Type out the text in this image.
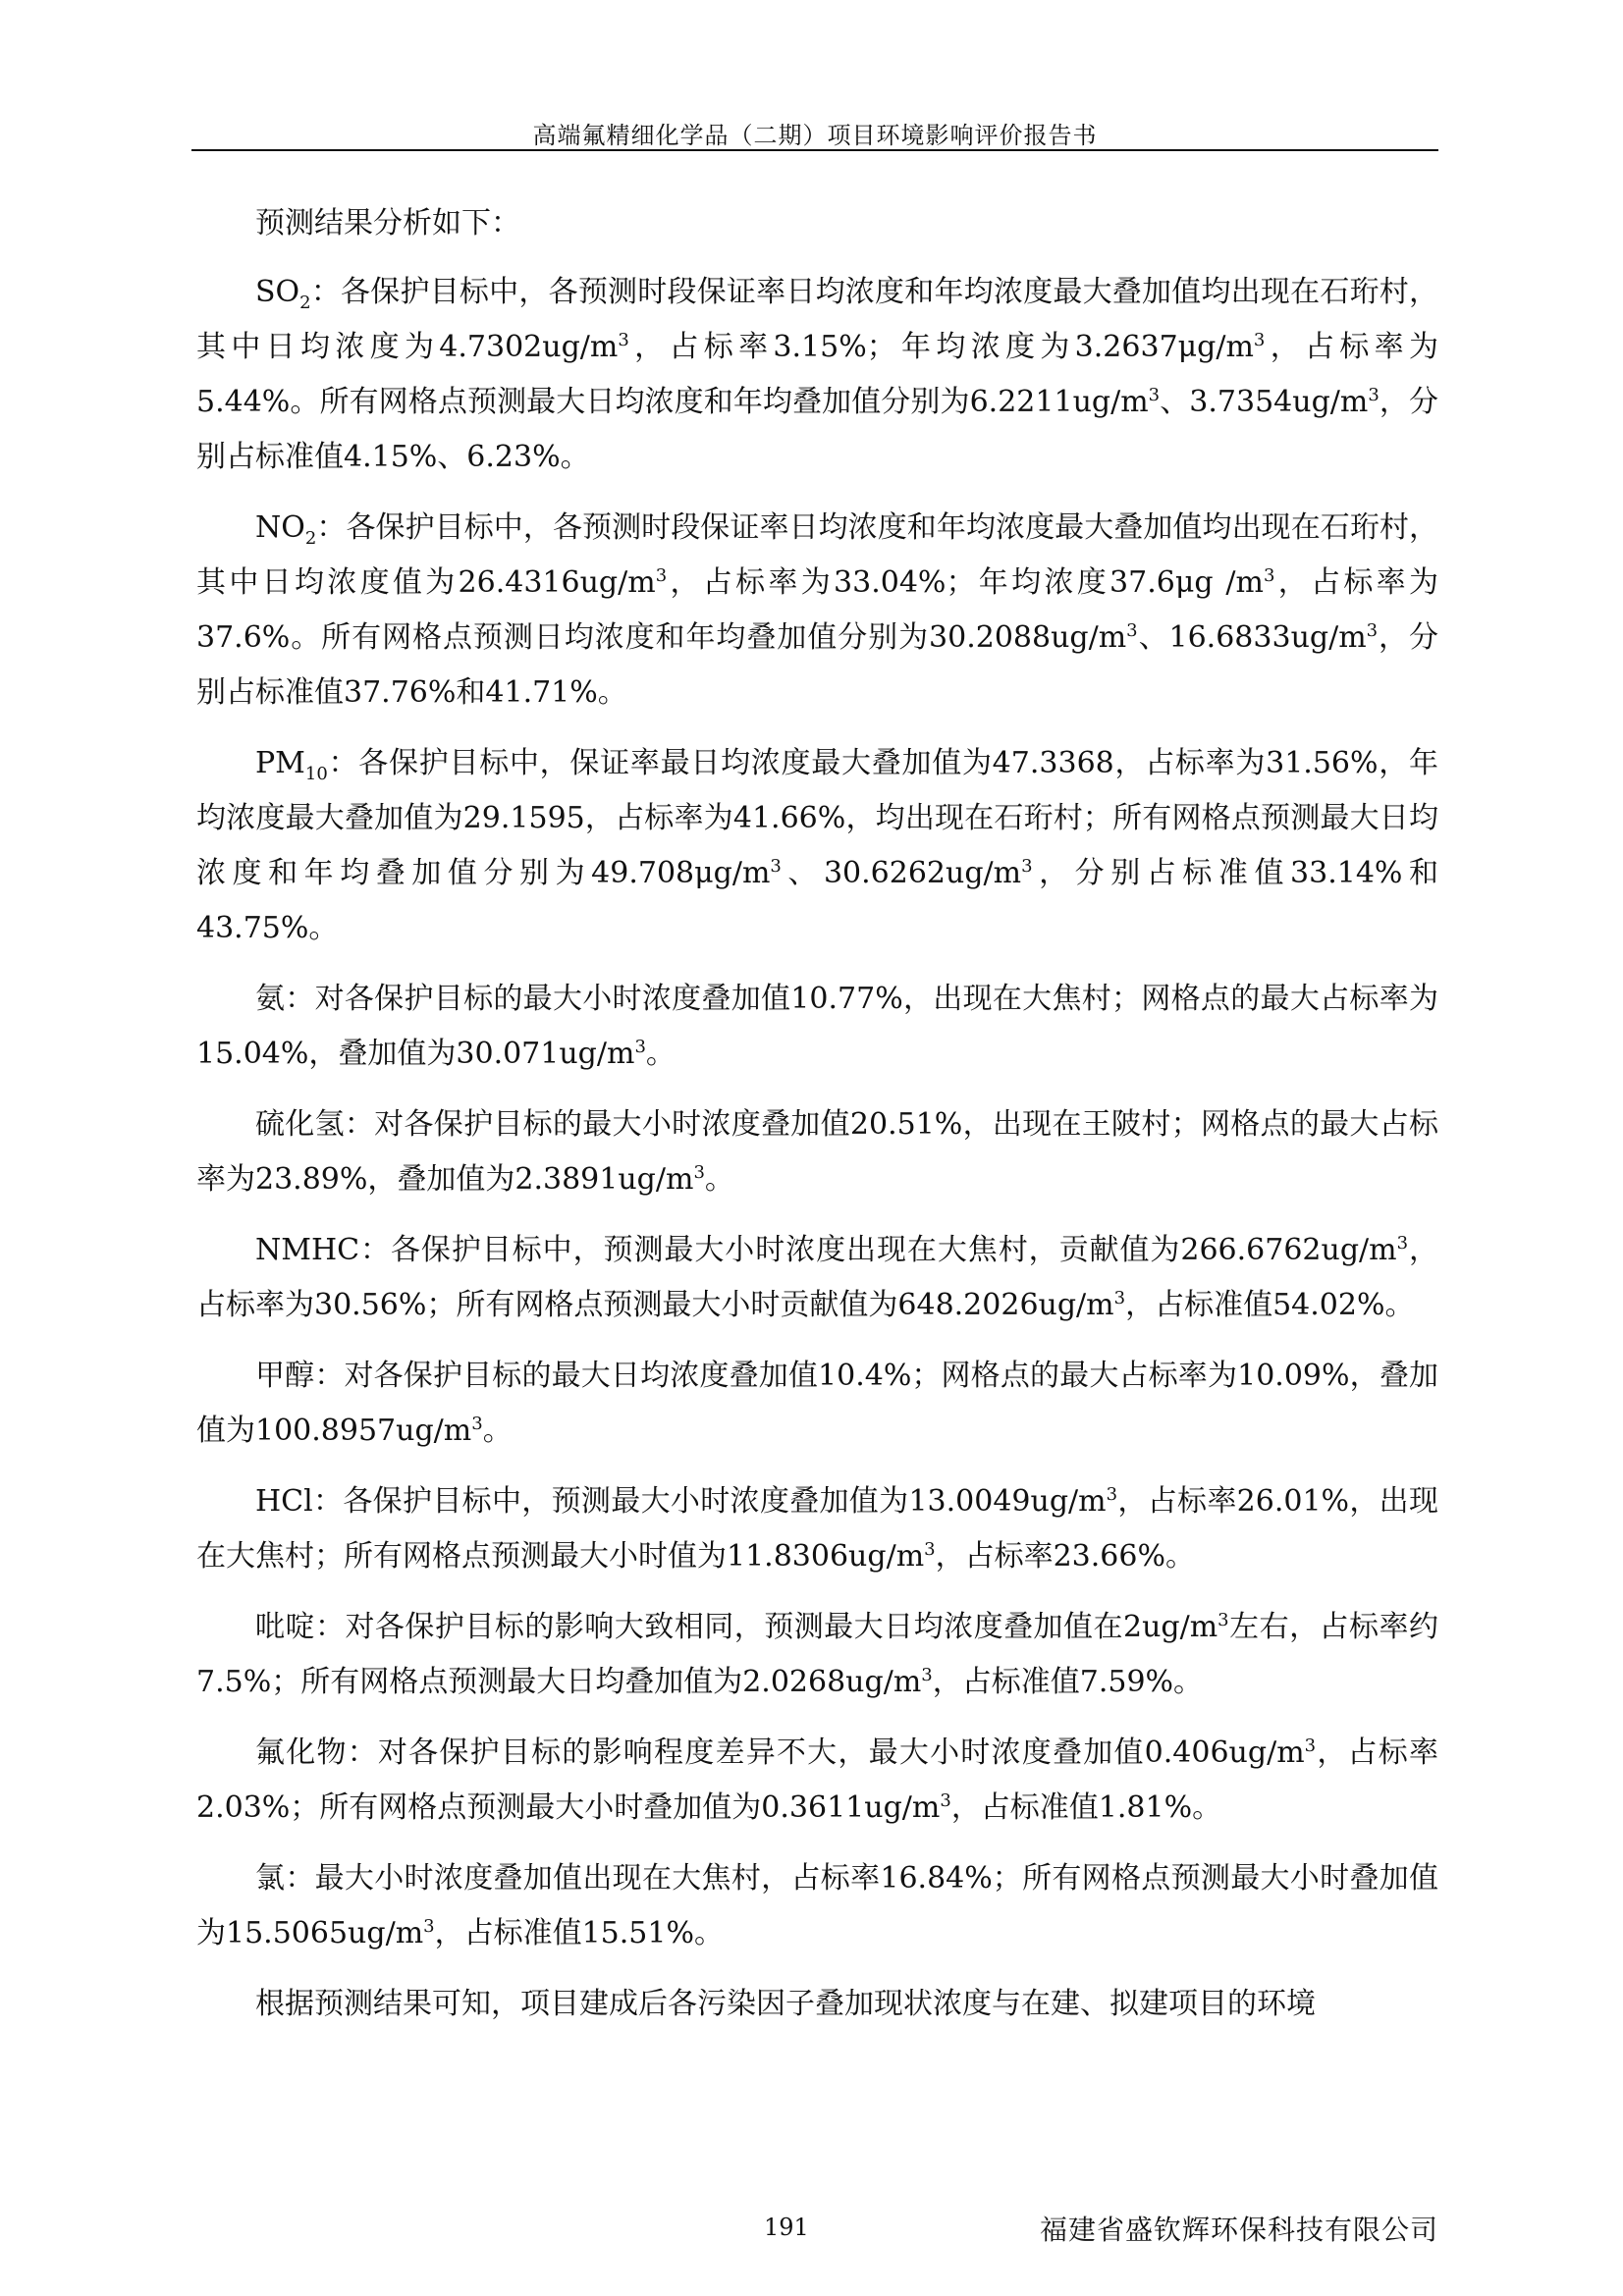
高端氟精细化学品（二期）项目环境影响评价报告书

预测结果分析如下：

$SO_2$：各保护目标中，各预测时段保证率日均浓度和年均浓度最大叠加值均出现在石珩村，其中日均浓度为$4.7302ug/m^3$，占标率3.15%；年均浓度为$3.2637\mu g/m^3$，占标率为5.44%。所有网格点预测最大日均浓度和年均叠加值分别为$6.2211ug/m^3$、$3.7354ug/m^3$，分别占标准值4.15%、6.23%。

$NO_2$：各保护目标中，各预测时段保证率日均浓度和年均浓度最大叠加值均出现在石珩村，其中日均浓度值为$26.4316ug/m^3$，占标率为33.04%；年均浓度37.6μg $/m^3$，占标率为37.6%。所有网格点预测日均浓度和年均叠加值分别为$30.2088ug/m^3$、$16.6833ug/m^3$，分别占标准值37.76%和41.71%。

$PM_{10}$：各保护目标中，保证率最日均浓度最大叠加值为47.3368，占标率为31.56%，年均浓度最大叠加值为29.1595，占标率为41.66%，均出现在石珩村；所有网格点预测最大日均浓度和年均叠加值分别为$49.708\mu g/m^3$、$30.6262ug/m^3$，分别占标准值33.14%和43.75%。

氨：对各保护目标的最大小时浓度叠加值10.77%，出现在大焦村；网格点的最大占标率为15.04%，叠加值为$30.071ug/m^3$。

硫化氢：对各保护目标的最大小时浓度叠加值20.51%，出现在王陂村；网格点的最大占标率为23.89%，叠加值为$2.3891ug/m^3$。

NMHC：各保护目标中，预测最大小时浓度出现在大焦村，贡献值为$266.6762ug/m^3$，占标率为30.56%；所有网格点预测最大小时贡献值为$648.2026ug/m^3$，占标准值54.02%。

甲醇：对各保护目标的最大日均浓度叠加值10.4%；网格点的最大占标率为10.09%，叠加值为$100.8957ug/m^3$。

HCl：各保护目标中，预测最大小时浓度叠加值为$13.0049ug/m^3$，占标率26.01%，出现在大焦村；所有网格点预测最大小时值为$11.8306ug/m^3$，占标率23.66%。

吡啶：对各保护目标的影响大致相同，预测最大日均浓度叠加值在$2ug/m^3$左右，占标率约7.5%；所有网格点预测最大日均叠加值为$2.0268ug/m^3$，占标准值7.59%。

氟化物：对各保护目标的影响程度差异不大，最大小时浓度叠加值$0.406ug/m^3$，占标率2.03%；所有网格点预测最大小时叠加值为$0.3611ug/m^3$，占标准值1.81%。

氯：最大小时浓度叠加值出现在大焦村，占标率16.84%；所有网格点预测最大小时叠加值为$15.5065ug/m^3$，占标准值15.51%。

根据预测结果可知，项目建成后各污染因子叠加现状浓度与在建、拟建项目的环境

191	福建省盛钦辉环保科技有限公司
